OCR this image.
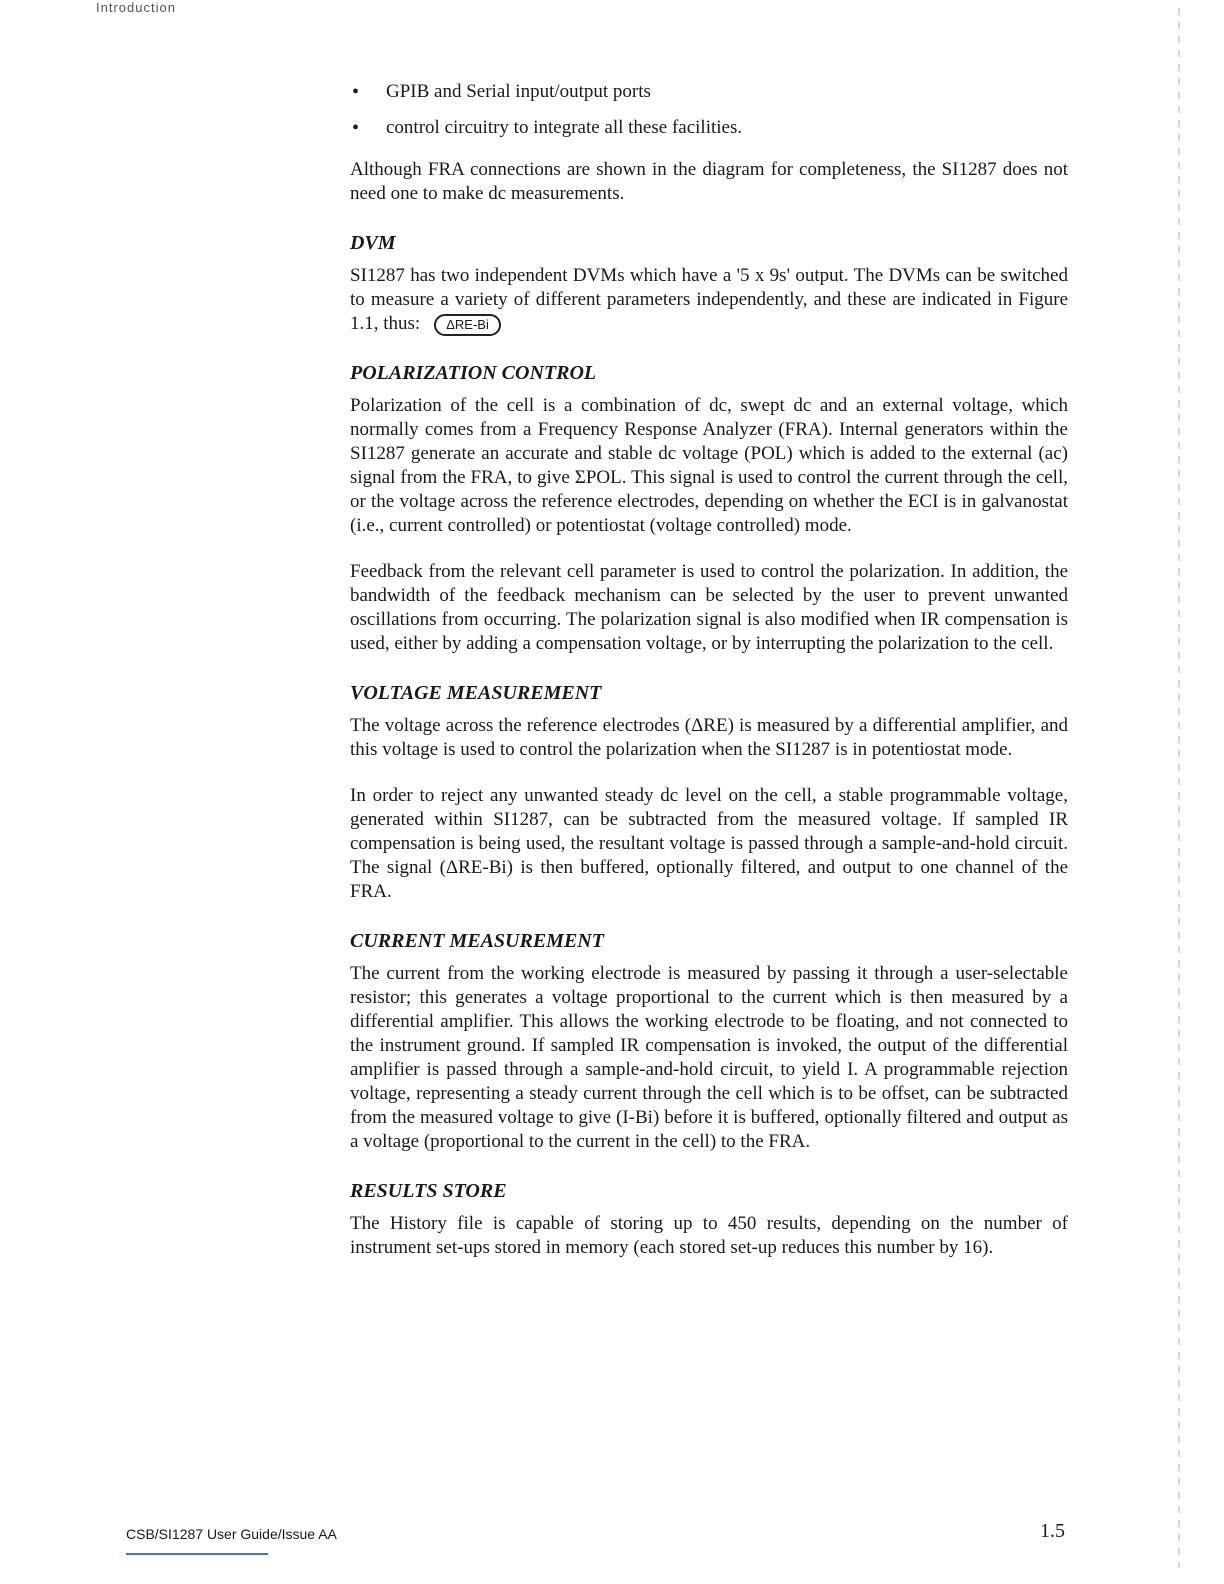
Introduction
• GPIB and Serial input/output ports
• control circuitry to integrate all these facilities.

Although FRA connections are shown in the diagram for completeness, the SI1287 does not need one to make dc measurements.

DVM

SI1287 has two independent DVMs which have a '5 x 9s' output. The DVMs can be switched to measure a variety of different parameters independently, and these are indicated in Figure 1.1, thus: ΔRE-Bi

POLARIZATION CONTROL

Polarization of the cell is a combination of dc, swept dc and an external voltage, which normally comes from a Frequency Response Analyzer (FRA). Internal generators within the SI1287 generate an accurate and stable dc voltage (POL) which is added to the external (ac) signal from the FRA, to give ΣPOL. This signal is used to control the current through the cell, or the voltage across the reference electrodes, depending on whether the ECI is in galvanostat (i.e., current controlled) or potentiostat (voltage controlled) mode.

Feedback from the relevant cell parameter is used to control the polarization. In addition, the bandwidth of the feedback mechanism can be selected by the user to prevent unwanted oscillations from occurring. The polarization signal is also modified when IR compensation is used, either by adding a compensation voltage, or by interrupting the polarization to the cell.

VOLTAGE MEASUREMENT

The voltage across the reference electrodes (ΔRE) is measured by a differential amplifier, and this voltage is used to control the polarization when the SI1287 is in potentiostat mode.

In order to reject any unwanted steady dc level on the cell, a stable programmable voltage, generated within SI1287, can be subtracted from the measured voltage. If sampled IR compensation is being used, the resultant voltage is passed through a sample-and-hold circuit. The signal (ΔRE-Bi) is then buffered, optionally filtered, and output to one channel of the FRA.

CURRENT MEASUREMENT

The current from the working electrode is measured by passing it through a user-selectable resistor; this generates a voltage proportional to the current which is then measured by a differential amplifier. This allows the working electrode to be floating, and not connected to the instrument ground. If sampled IR compensation is invoked, the output of the differential amplifier is passed through a sample-and-hold circuit, to yield I. A programmable rejection voltage, representing a steady current through the cell which is to be offset, can be subtracted from the measured voltage to give (I-Bi) before it is buffered, optionally filtered and output as a voltage (proportional to the current in the cell) to the FRA.

RESULTS STORE

The History file is capable of storing up to 450 results, depending on the number of instrument set-ups stored in memory (each stored set-up reduces this number by 16).

CSB/SI1287 User Guide/Issue AA	1.5
